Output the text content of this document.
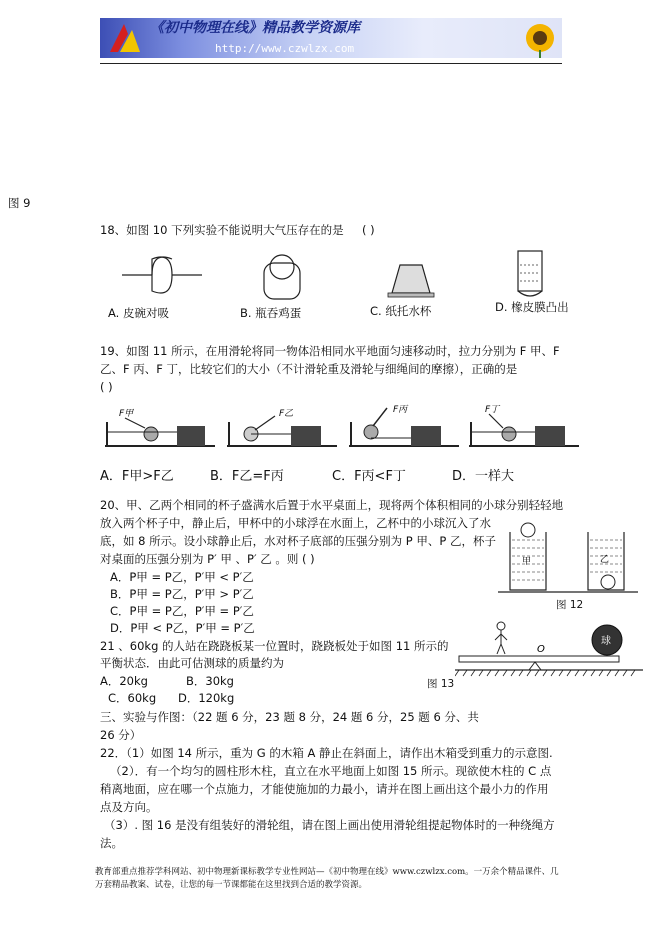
《初中物理在线》精品教学资源库
http://www.czwlzx.com
图 9
18、如图 10 下列实验不能说明大气压存在的是 ( )
A. 皮碗对吸	B. 瓶吞鸡蛋	C. 纸托水杯	D. 橡皮膜凸出
19、如图 11 所示，在用滑轮将同一物体沿相同水平地面匀速移动时，拉力分别为 F 甲、F
乙、F 丙、F 丁，比较它们的大小（不计滑轮重及滑轮与细绳间的摩擦），正确的是
( )
F甲	F乙	F丙	F丁
A．F甲>F乙	B．F乙=F丙	C．F丙<F丁	D．一样大
20、甲、乙两个相同的杯子盛满水后置于水平桌面上，现将两个体积相同的小球分别轻轻地
放入两个杯子中，静止后，甲杯中的小球浮在水面上，乙杯中的小球沉入了水
底，如 8 所示。设小球静止后，水对杯子底部的压强分别为 P 甲、P 乙，杯子
对桌面的压强分别为 P′ 甲 、P′ 乙 。则 ( )
A．P甲 = P乙，P′甲 < P′乙
B．P甲 = P乙，P′甲 > P′乙
C．P甲 = P乙，P′甲 = P′乙
D．P甲 < P乙，P′甲 = P′乙
甲	乙
图 12
21 、60kg 的人站在跷跷板某一位置时，跷跷板处于如图 11 所示的
平衡状态．由此可估测球的质量约为
A．20kg	B．30kg
C．60kg D．120kg
O
球
图 13
三、实验与作图：（22 题 6 分，23 题 8 分，24 题 6 分，25 题 6 分、共
26 分）
22．（1）如图 14 所示，重为 G 的木箱 A 静止在斜面上，请作出木箱受到重力的示意图.
（2）．有一个均匀的圆柱形木柱，直立在水平地面上如图 15 所示。现欲使木柱的 C 点
稍离地面，应在哪一个点施力，才能使施加的力最小，请并在图上画出这个最小力的作用
点及方向。
（3）. 图 16 是没有组装好的滑轮组，请在图上画出使用滑轮组提起物体时的一种绕绳方
法。
教育部重点推荐学科网站、初中物理新课标教学专业性网站—《初中物理在线》www.czwlzx.com。一万余个精品课件、几万套精品教案、试卷，让您的每一节课都能在这里找到合适的教学资源。
